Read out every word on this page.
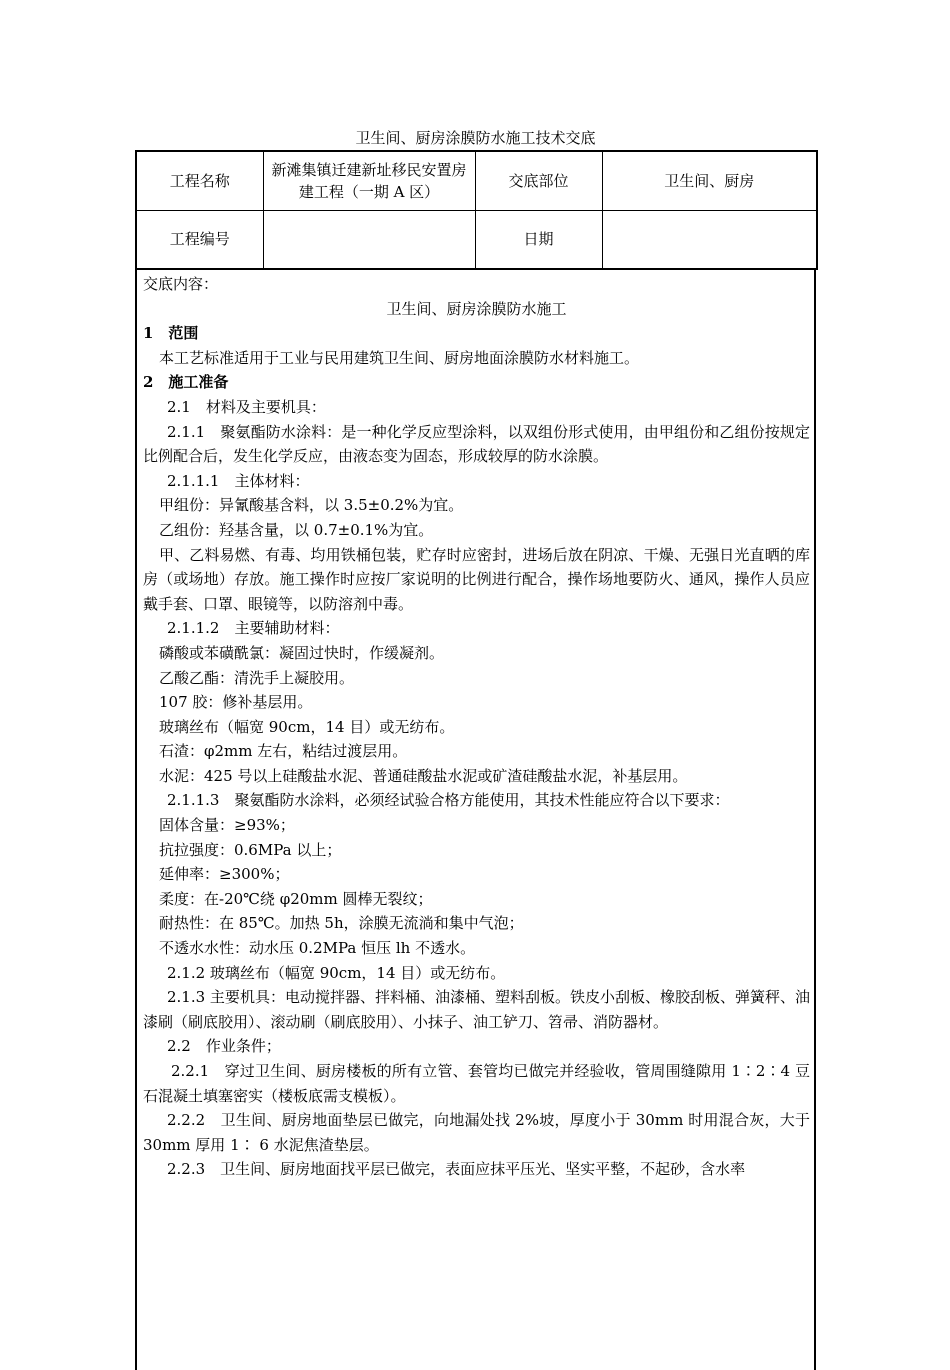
卫生间、厨房涂膜防水施工技术交底
工程名称	新滩集镇迁建新址移民安置房建工程（一期 A 区）	交底部位	卫生间、厨房
工程编号		日期	
交底内容：
卫生间、厨房涂膜防水施工
1　范围
本工艺标准适用于工业与民用建筑卫生间、厨房地面涂膜防水材料施工。
2　施工准备
2.1　材料及主要机具：
2.1.1　聚氨酯防水涂料：是一种化学反应型涂料，以双组份形式使用，由甲组份和乙组份按规定比例配合后，发生化学反应，由液态变为固态，形成较厚的防水涂膜。
2.1.1.1　主体材料：
甲组份：异氰酸基含料，以 3.5±0.2%为宜。
乙组份：羟基含量，以 0.7±0.1%为宜。
甲、乙料易燃、有毒、均用铁桶包装，贮存时应密封，进场后放在阴凉、干燥、无强日光直晒的库房（或场地）存放。施工操作时应按厂家说明的比例进行配合，操作场地要防火、通风，操作人员应戴手套、口罩、眼镜等，以防溶剂中毒。
2.1.1.2　主要辅助材料：
磷酸或苯磺酰氯：凝固过快时，作缓凝剂。
乙酸乙酯：清洗手上凝胶用。
107 胶：修补基层用。
玻璃丝布（幅宽 90cm，14 目）或无纺布。
石渣：φ2mm 左右，粘结过渡层用。
水泥：425 号以上硅酸盐水泥、普通硅酸盐水泥或矿渣硅酸盐水泥，补基层用。
2.1.1.3　聚氨酯防水涂料，必须经试验合格方能使用，其技术性能应符合以下要求：
固体含量：≥93%；
抗拉强度：0.6MPa 以上；
延伸率：≥300%；
柔度：在-20℃绕 φ20mm 圆棒无裂纹；
耐热性：在 85℃。加热 5h，涂膜无流淌和集中气泡；
不透水水性：动水压 0.2MPa 恒压 lh 不透水。
2.1.2 玻璃丝布（幅宽 90cm，14 目）或无纺布。
2.1.3 主要机具：电动搅拌器、拌料桶、油漆桶、塑料刮板。铁皮小刮板、橡胶刮板、弹簧秤、油漆刷（刷底胶用）、滚动刷（刷底胶用）、小抹子、油工铲刀、笤帚、消防器材。
2.2　作业条件；
2.2.1　穿过卫生间、厨房楼板的所有立管、套管均已做完并经验收，管周围缝隙用 1∶2∶4 豆石混凝土填塞密实（楼板底需支模板）。
2.2.2　卫生间、厨房地面垫层已做完，向地漏处找 2%坡，厚度小于 30mm 时用混合灰，大于 30mm 厚用 1∶ 6 水泥焦渣垫层。
2.2.3　卫生间、厨房地面找平层已做完，表面应抹平压光、坚实平整，不起砂，含水率
